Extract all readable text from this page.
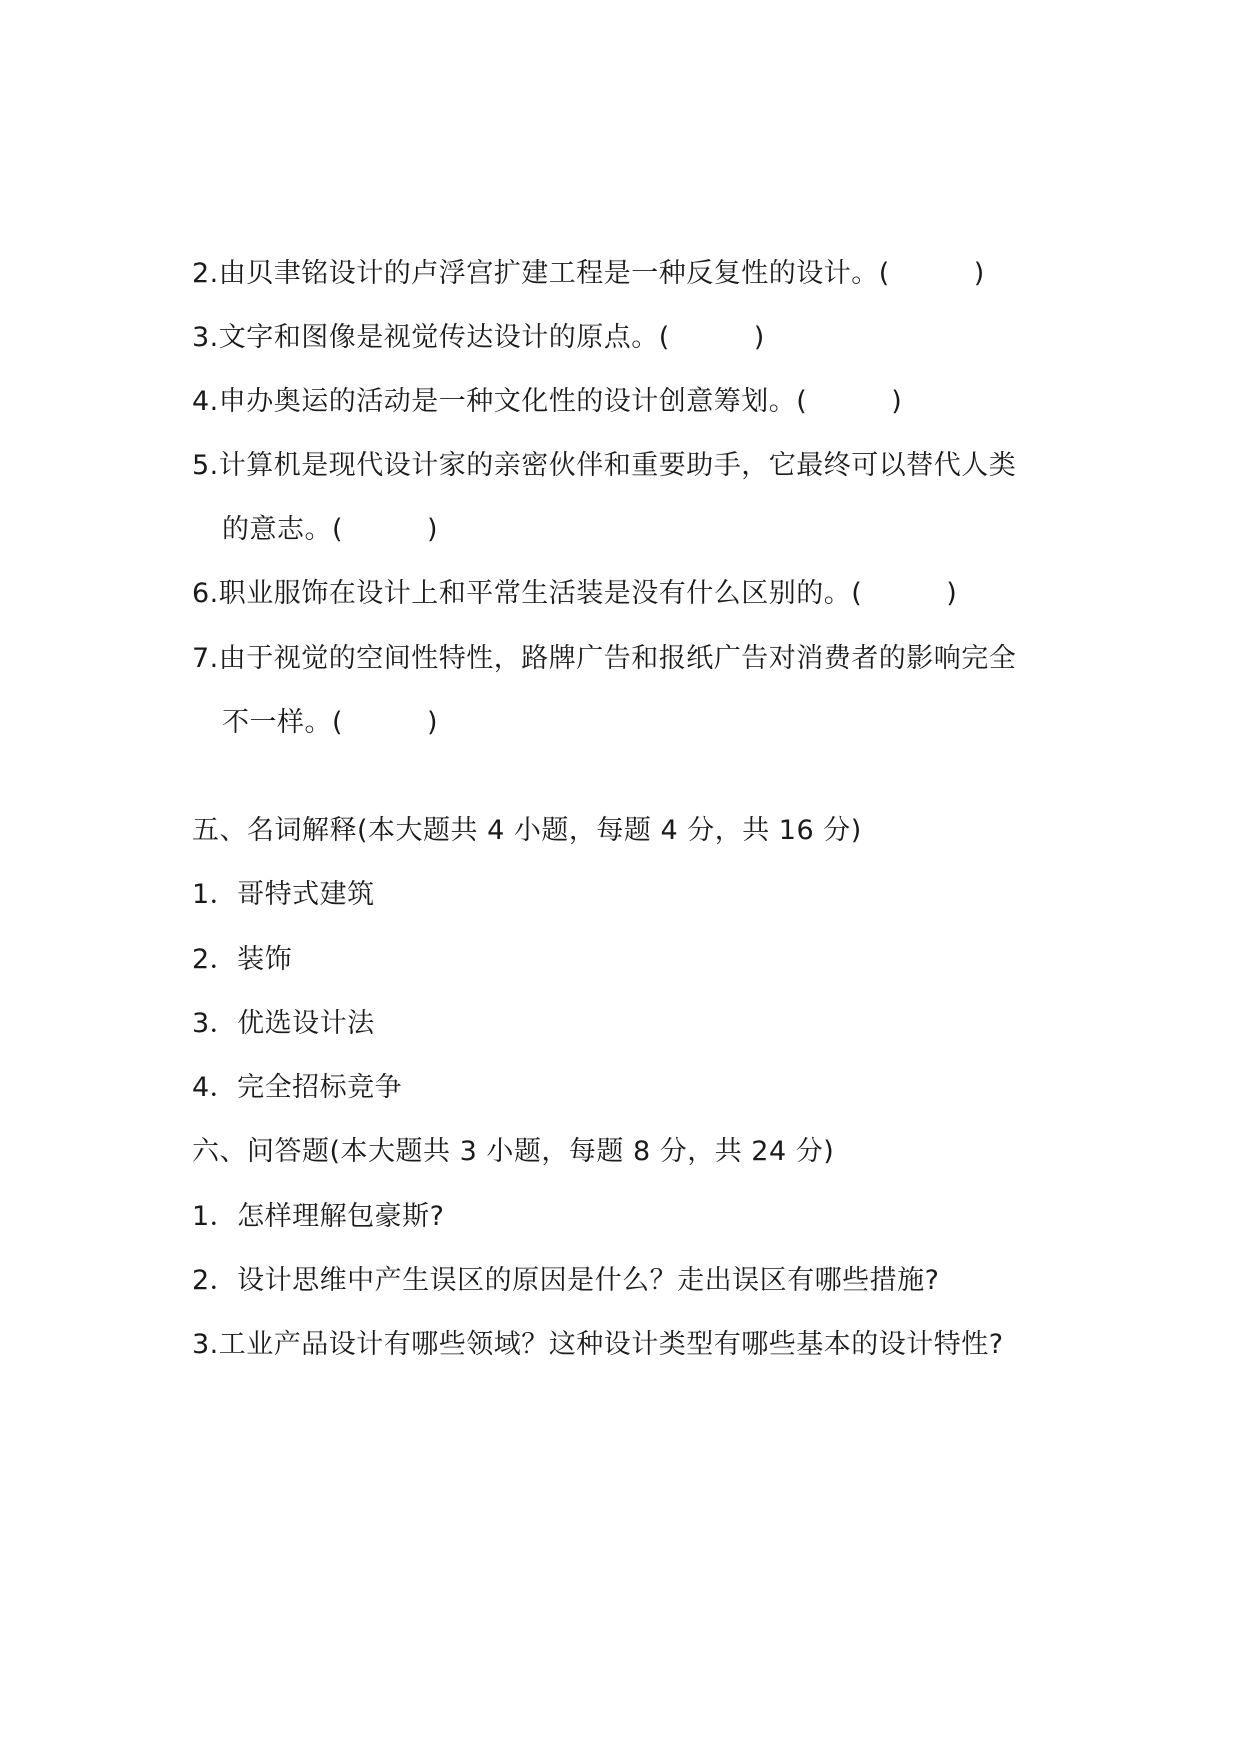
2.由贝聿铭设计的卢浮宫扩建工程是一种反复性的设计。(	)
3.文字和图像是视觉传达设计的原点。(	)
4.申办奥运的活动是一种文化性的设计创意筹划。(	)
5.计算机是现代设计家的亲密伙伴和重要助手，它最终可以替代人类
的意志。(	)
6.职业服饰在设计上和平常生活装是没有什么区别的。(	)
7.由于视觉的空间性特性，路牌广告和报纸广告对消费者的影响完全
不一样。(	)
五、名词解释(本大题共 4 小题，每题 4 分，共 16 分)
1．哥特式建筑
2．装饰
3．优选设计法
4．完全招标竞争
六、问答题(本大题共 3 小题，每题 8 分，共 24 分)
1．怎样理解包豪斯?
2．设计思维中产生误区的原因是什么？走出误区有哪些措施?
3.工业产品设计有哪些领域？这种设计类型有哪些基本的设计特性?
